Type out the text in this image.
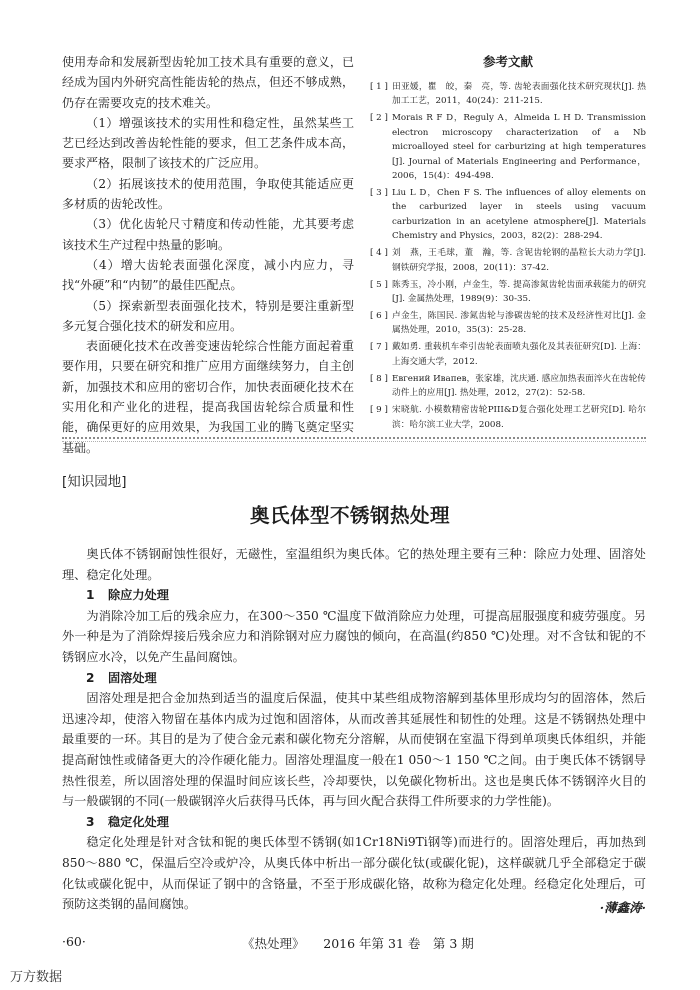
使用寿命和发展新型齿轮加工技术具有重要的意义，已经成为国内外研究高性能齿轮的热点，但还不够成熟，仍存在需要攻克的技术难关。

（1）增强该技术的实用性和稳定性，虽然某些工艺已经达到改善齿轮性能的要求，但工艺条件成本高，要求严格，限制了该技术的广泛应用。

（2）拓展该技术的使用范围，争取使其能适应更多材质的齿轮改性。

（3）优化齿轮尺寸精度和传动性能，尤其要考虑该技术生产过程中热量的影响。

（4）增大齿轮表面强化深度，减小内应力，寻找“外硬”和“内韧”的最佳匹配点。

（5）探索新型表面强化技术，特别是要注重新型多元复合强化技术的研发和应用。

表面硬化技术在改善变速齿轮综合性能方面起着重要作用，只要在研究和推广应用方面继续努力，自主创新，加强技术和应用的密切合作，加快表面硬化技术在实用化和产业化的进程，提高我国齿轮综合质量和性能，确保更好的应用效果，为我国工业的腾飞奠定坚实基础。

参考文献
[ 1 ] 田亚媛，瞿　皎，秦　亮，等. 齿轮表面强化技术研究现状[J]. 热加工工艺，2011，40(24)：211-215.
[ 2 ] Morais R F D，Reguly A，Almeida L H D. Transmission electron microscopy characterization of a Nb microalloyed steel for carburizing at high temperatures [J]. Journal of Materials Engineering and Performance，2006，15(4)：494-498.
[ 3 ] Liu L D，Chen F S. The influences of alloy elements on the carburized layer in steels using vacuum carburization in an acetylene atmosphere[J]. Materials Chemistry and Physics，2003，82(2)：288-294.
[ 4 ] 刘　燕，王毛球，董　瀚，等. 含铌齿轮钢的晶粒长大动力学[J]. 钢铁研究学报，2008，20(11)：37-42.
[ 5 ] 陈秀玉，冷小刚，卢金生，等. 提高渗氮齿轮齿面承载能力的研究[J]. 金属热处理，1989(9)：30-35.
[ 6 ] 卢金生，陈国民. 渗氮齿轮与渗碳齿轮的技术及经济性对比[J]. 金属热处理，2010，35(3)：25-28.
[ 7 ] 戴如勇. 重载机车牵引齿轮表面喷丸强化及其表征研究[D]. 上海：上海交通大学，2012.
[ 8 ] Евгений Ивапев，张家雄，沈庆通. 感应加热表面淬火在齿轮传动件上的应用[J]. 热处理，2012，27(2)：52-58.
[ 9 ] 宋晓航. 小模数精密齿轮PIII&D复合强化处理工艺研究[D]. 哈尔滨：哈尔滨工业大学，2008.
[知识园地]
奥氏体型不锈钢热处理

奥氏体不锈钢耐蚀性很好，无磁性，室温组织为奥氏体。它的热处理主要有三种：除应力处理、固溶处理、稳定化处理。

1 除应力处理

为消除冷加工后的残余应力，在300～350 ℃温度下做消除应力处理，可提高屈服强度和疲劳强度。另外一种是为了消除焊接后残余应力和消除钢对应力腐蚀的倾向，在高温(约850 ℃)处理。对不含钛和铌的不锈钢应水冷，以免产生晶间腐蚀。

2 固溶处理

固溶处理是把合金加热到适当的温度后保温，使其中某些组成物溶解到基体里形成均匀的固溶体，然后迅速冷却，使溶入物留在基体内成为过饱和固溶体，从而改善其延展性和韧性的处理。这是不锈钢热处理中最重要的一环。其目的是为了使合金元素和碳化物充分溶解，从而使钢在室温下得到单项奥氏体组织，并能提高耐蚀性或储备更大的冷作硬化能力。固溶处理温度一般在1 050～1 150 ℃之间。由于奥氏体不锈钢导热性很差，所以固溶处理的保温时间应该长些，冷却要快，以免碳化物析出。这也是奥氏体不锈钢淬火目的与一般碳钢的不同(一般碳钢淬火后获得马氏体，再与回火配合获得工件所要求的力学性能)。

3 稳定化处理

稳定化处理是针对含钛和铌的奥氏体型不锈钢(如1Cr18Ni9Ti钢等)而进行的。固溶处理后，再加热到850～880 ℃，保温后空冷或炉冷，从奥氏体中析出一部分碳化钛(或碳化铌)，这样碳就几乎全部稳定于碳化钛或碳化铌中，从而保证了钢中的含铬量，不至于形成碳化铬，故称为稳定化处理。经稳定化处理后，可预防这类钢的晶间腐蚀。	·薄鑫涛·
·60·	《热处理》　　2016 年第 31 卷　第 3 期
万方数据
